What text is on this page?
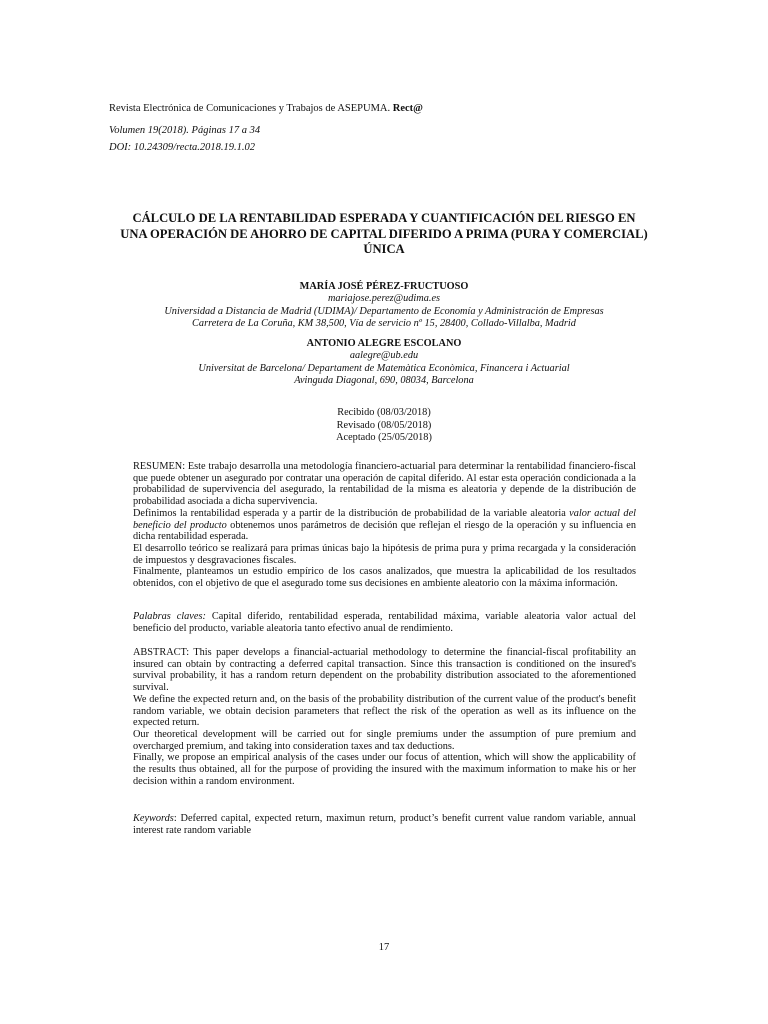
Revista Electrónica de Comunicaciones y Trabajos de ASEPUMA. Rect@
Volumen 19(2018). Páginas 17 a 34
DOI: 10.24309/recta.2018.19.1.02
CÁLCULO DE LA RENTABILIDAD ESPERADA Y CUANTIFICACIÓN DEL RIESGO EN
UNA OPERACIÓN DE AHORRO DE CAPITAL DIFERIDO A PRIMA (PURA Y COMERCIAL)
ÚNICA
MARÍA JOSÉ PÉREZ-FRUCTUOSO
mariajose.perez@udima.es
Universidad a Distancia de Madrid (UDIMA)/ Departamento de Economía y Administración de Empresas
Carretera de La Coruña, KM 38,500, Vía de servicio nº 15, 28400, Collado-Villalba, Madrid
ANTONIO ALEGRE ESCOLANO
aalegre@ub.edu
Universitat de Barcelona/ Departament de Matemàtica Econòmica, Financera i Actuarial
Avinguda Diagonal, 690, 08034, Barcelona
Recibido (08/03/2018)
Revisado (08/05/2018)
Aceptado (25/05/2018)

RESUMEN: Este trabajo desarrolla una metodología financiero-actuarial para determinar la rentabilidad financiero-fiscal que puede obtener un asegurado por contratar una operación de capital diferido. Al estar esta operación condicionada a la probabilidad de supervivencia del asegurado, la rentabilidad de la misma es aleatoria y depende de la distribución de probabilidad asociada a dicha supervivencia.

Definimos la rentabilidad esperada y a partir de la distribución de probabilidad de la variable aleatoria valor actual del beneficio del producto obtenemos unos parámetros de decisión que reflejan el riesgo de la operación y su influencia en dicha rentabilidad esperada.

El desarrollo teórico se realizará para primas únicas bajo la hipótesis de prima pura y prima recargada y la consideración de impuestos y desgravaciones fiscales.

Finalmente, planteamos un estudio empírico de los casos analizados, que muestra la aplicabilidad de los resultados obtenidos, con el objetivo de que el asegurado tome sus decisiones en ambiente aleatorio con la máxima información.

Palabras claves: Capital diferido, rentabilidad esperada, rentabilidad máxima, variable aleatoria valor actual del beneficio del producto, variable aleatoria tanto efectivo anual de rendimiento.

ABSTRACT: This paper develops a financial-actuarial methodology to determine the financial-fiscal profitability an insured can obtain by contracting a deferred capital transaction. Since this transaction is conditioned on the insured's survival probability, it has a random return dependent on the probability distribution associated to the aforementioned survival.

We define the expected return and, on the basis of the probability distribution of the current value of the product's benefit random variable, we obtain decision parameters that reflect the risk of the operation as well as its influence on the expected return.

Our theoretical development will be carried out for single premiums under the assumption of pure premium and overcharged premium, and taking into consideration taxes and tax deductions.

Finally, we propose an empirical analysis of the cases under our focus of attention, which will show the applicability of the results thus obtained, all for the purpose of providing the insured with the maximum information to make his or her decision within a random environment.

Keywords: Deferred capital, expected return, maximun return, product’s benefit current value random variable, annual interest rate random variable

17
